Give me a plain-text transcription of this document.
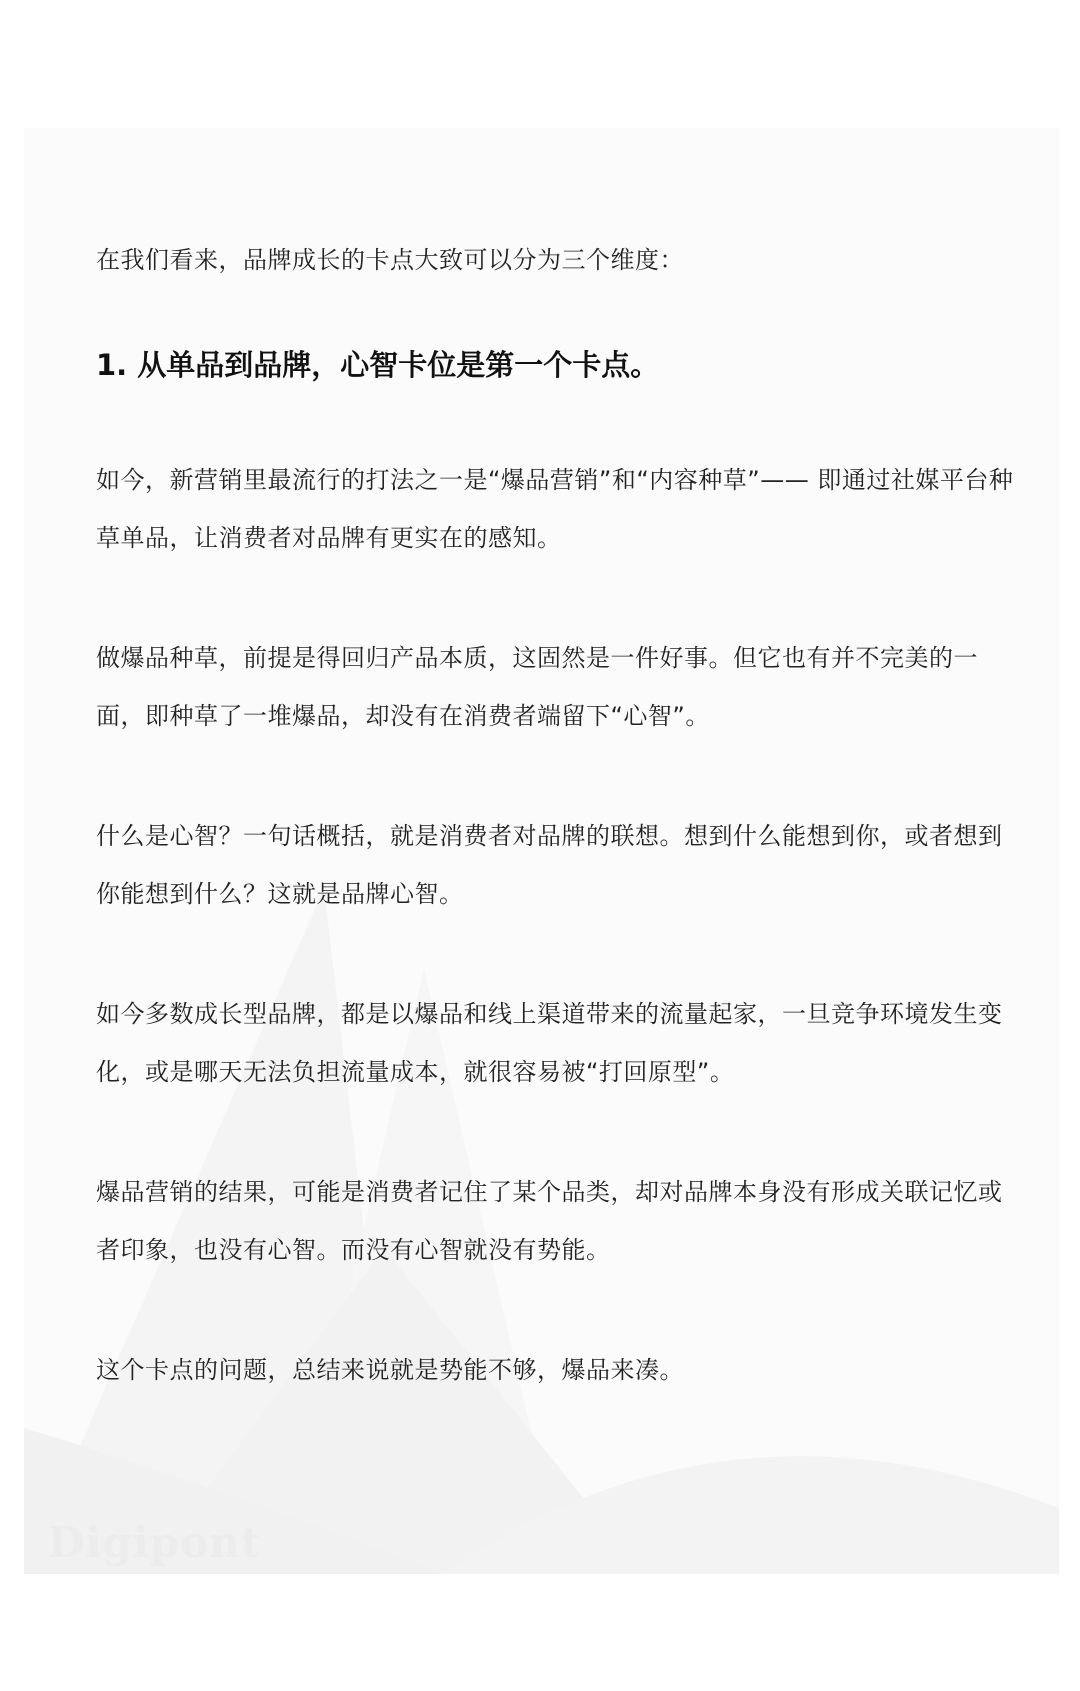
在我们看来，品牌成长的卡点大致可以分为三个维度：

1. 从单品到品牌，心智卡位是第一个卡点。

如今，新营销里最流行的打法之一是“爆品营销”和“内容种草”—— 即通过社媒平台种草单品，让消费者对品牌有更实在的感知。

做爆品种草，前提是得回归产品本质，这固然是一件好事。但它也有并不完美的一面，即种草了一堆爆品，却没有在消费者端留下“心智”。

什么是心智？一句话概括，就是消费者对品牌的联想。想到什么能想到你，或者想到你能想到什么？这就是品牌心智。

如今多数成长型品牌，都是以爆品和线上渠道带来的流量起家，一旦竞争环境发生变化，或是哪天无法负担流量成本，就很容易被“打回原型”。

爆品营销的结果，可能是消费者记住了某个品类，却对品牌本身没有形成关联记忆或者印象，也没有心智。而没有心智就没有势能。

这个卡点的问题，总结来说就是势能不够，爆品来凑。

Digipont
